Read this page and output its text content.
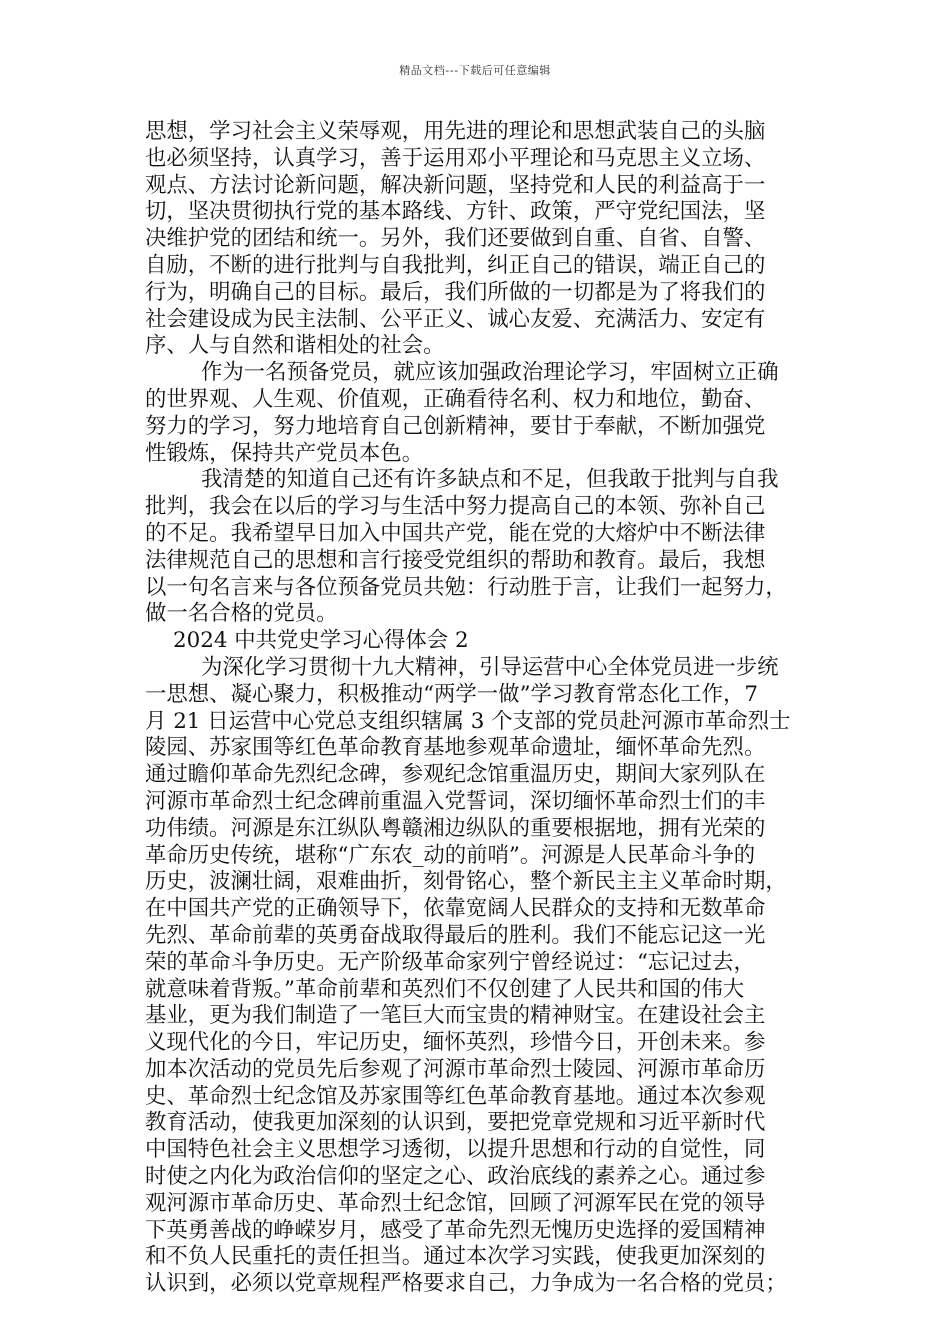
精品文档---下载后可任意编辑
思想，学习社会主义荣辱观，用先进的理论和思想武装自己的头脑
也必须坚持，认真学习，善于运用邓小平理论和马克思主义立场、
观点、方法讨论新问题，解决新问题，坚持党和人民的利益高于一
切，坚决贯彻执行党的基本路线、方针、政策，严守党纪国法，坚
决维护党的团结和统一。另外，我们还要做到自重、自省、自警、
自励，不断的进行批判与自我批判，纠正自己的错误，端正自己的
行为，明确自己的目标。最后，我们所做的一切都是为了将我们的
社会建设成为民主法制、公平正义、诚心友爱、充满活力、安定有
序、人与自然和谐相处的社会。
作为一名预备党员，就应该加强政治理论学习，牢固树立正确
的世界观、人生观、价值观，正确看待名利、权力和地位，勤奋、
努力的学习，努力地培育自己创新精神，要甘于奉献，不断加强党
性锻炼，保持共产党员本色。
我清楚的知道自己还有许多缺点和不足，但我敢于批判与自我
批判，我会在以后的学习与生活中努力提高自己的本领、弥补自己
的不足。我希望早日加入中国共产党，能在党的大熔炉中不断法律
法律规范自己的思想和言行接受党组织的帮助和教育。最后，我想
以一句名言来与各位预备党员共勉：行动胜于言，让我们一起努力，
做一名合格的党员。
2024 中共党史学习心得体会 2
为深化学习贯彻十九大精神，引导运营中心全体党员进一步统
一思想、凝心聚力，积极推动“两学一做”学习教育常态化工作，7
月 21 日运营中心党总支组织辖属 3 个支部的党员赴河源市革命烈士
陵园、苏家围等红色革命教育基地参观革命遗址，缅怀革命先烈。
通过瞻仰革命先烈纪念碑，参观纪念馆重温历史，期间大家列队在
河源市革命烈士纪念碑前重温入党誓词，深切缅怀革命烈士们的丰
功伟绩。河源是东江纵队粤赣湘边纵队的重要根据地，拥有光荣的
革命历史传统，堪称“广东农_动的前哨”。河源是人民革命斗争的
历史，波澜壮阔，艰难曲折，刻骨铭心，整个新民主主义革命时期，
在中国共产党的正确领导下，依靠宽阔人民群众的支持和无数革命
先烈、革命前辈的英勇奋战取得最后的胜利。我们不能忘记这一光
荣的革命斗争历史。无产阶级革命家列宁曾经说过：“忘记过去，
就意味着背叛。”革命前辈和英烈们不仅创建了人民共和国的伟大
基业，更为我们制造了一笔巨大而宝贵的精神财宝。在建设社会主
义现代化的今日，牢记历史，缅怀英烈，珍惜今日，开创未来。参
加本次活动的党员先后参观了河源市革命烈士陵园、河源市革命历
史、革命烈士纪念馆及苏家围等红色革命教育基地。通过本次参观
教育活动，使我更加深刻的认识到，要把党章党规和习近平新时代
中国特色社会主义思想学习透彻，以提升思想和行动的自觉性，同
时使之内化为政治信仰的坚定之心、政治底线的素养之心。通过参
观河源市革命历史、革命烈士纪念馆，回顾了河源军民在党的领导
下英勇善战的峥嵘岁月，感受了革命先烈无愧历史选择的爱国精神
和不负人民重托的责任担当。通过本次学习实践，使我更加深刻的
认识到，必须以党章规程严格要求自己，力争成为一名合格的党员；
